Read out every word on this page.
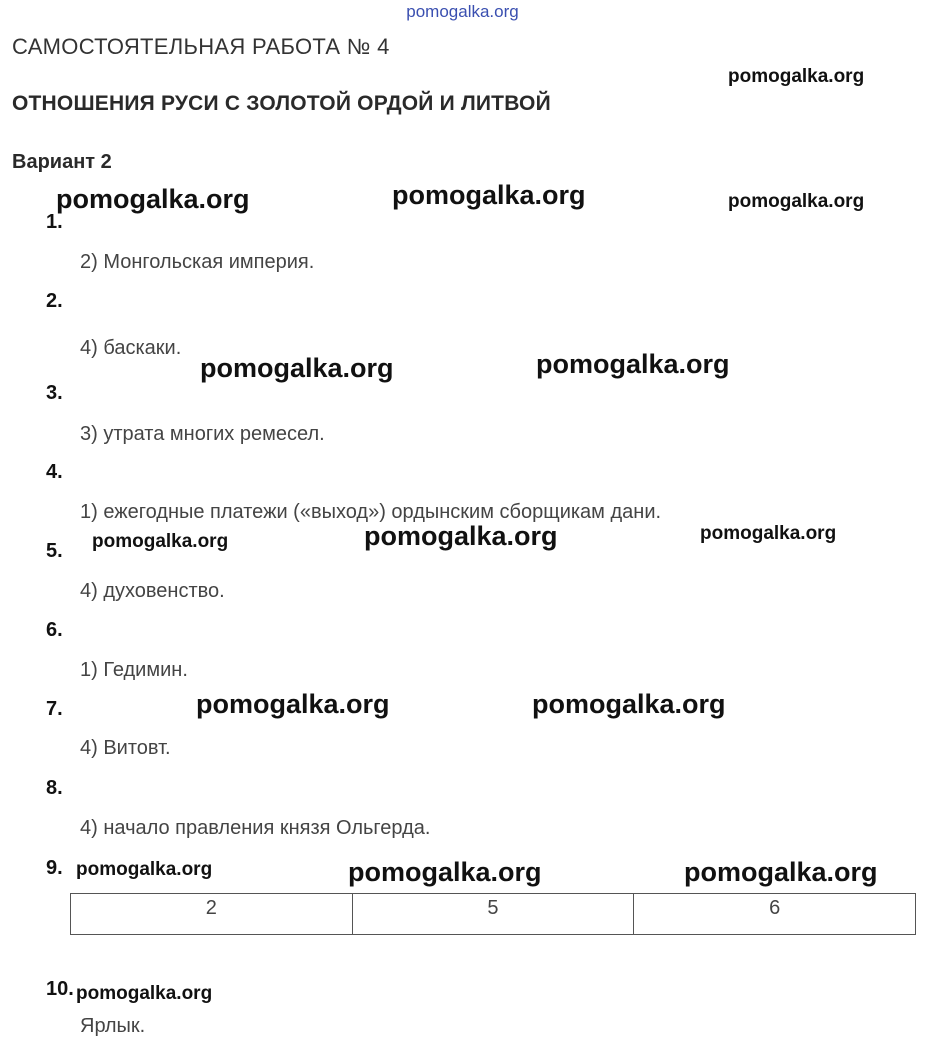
pomogalka.org
САМОСТОЯТЕЛЬНАЯ РАБОТА № 4
ОТНОШЕНИЯ РУСИ С ЗОЛОТОЙ ОРДОЙ И ЛИТВОЙ
Вариант 2
1.
2) Монгольская империя.
2.
4) баскаки.
3.
3) утрата многих ремесел.
4.
1) ежегодные платежи («выход») ордынским сборщикам дани.
5.
4) духовенство.
6.
1) Гедимин.
7.
4) Витовт.
8.
4) начало правления князя Ольгерда.
9.
2	5	6
10.
Ярлык.
pomogalka.org
pomogalka.org	pomogalka.org	pomogalka.org
pomogalka.org	pomogalka.org
pomogalka.org	pomogalka.org	pomogalka.org
pomogalka.org	pomogalka.org
pomogalka.org	pomogalka.org	pomogalka.org
pomogalka.org
